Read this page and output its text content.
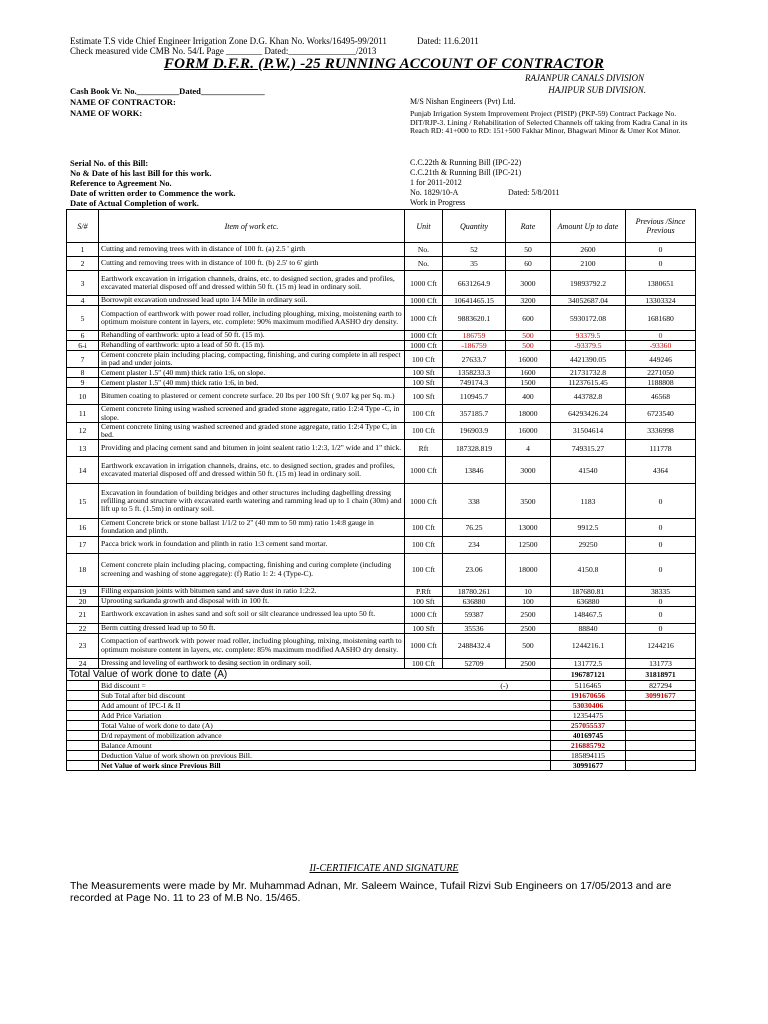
Estimate T.S vide Chief Engineer Irrigation Zone D.G. Khan No. Works/16495-99/2011	Dated: 11.6.2011
Check measured vide CMB No. 54/L Page ________ Dated:_______________/2013
FORM D.F.R. (P.W.) -25 RUNNING ACCOUNT OF CONTRACTOR
RAJANPUR CANALS DIVISION
HAJIPUR SUB DIVISION.
Cash Book Vr. No.__________Dated_______________
NAME OF CONTRACTOR:	M/S Nishan Engineers (Pvt) Ltd.
NAME OF WORK:	Punjab Irrigation System Improvement Project (PISIP) (PKP-59) Contract Package No. DIT/RJP-3. Lining / Rehabilitation of Selected Channels off taking from Kadra Canal in its Reach RD: 41+000 to RD: 151+500 Fakhar Minor, Bhagwari Minor & Umer Kot Minor.
Serial No. of this Bill:	C.C.22th & Running Bill (IPC-22)
No & Date of his last Bill for this work.	C.C.21th & Running Bill (IPC-21)
Reference to Agreement No.	1 for 2011-2012
Date of written order to Commence the work.	No. 1829/10-A	Dated: 5/8/2011
Date of Actual Completion of work.	Work in Progress
S/#	Item of work etc.	Unit	Quantity	Rate	Amount Up to date	Previous /Since Previous
1	Cutting and removing trees with in distance of 100 ft. (a) 2.5 ' girth	No.	52	50	2600	0
2	Cutting and removing trees with in distance of 100 ft. (b) 2.5' to 6' girth	No.	35	60	2100	0
3	Earthwork excavation in irrigation channels, drains, etc. to designed section, grades and profiles, excavated material disposed off and dressed within 50 ft. (15 m) lead in ordinary soil.	1000 Cft	6631264.9	3000	19893792.2	1380651
4	Borrowpit excavation undressed lead upto 1/4 Mile in ordinary soil.	1000 Cft	10641465.15	3200	34052687.04	13303324
5	Compaction of earthwork with power road roller, including ploughing, mixing, moistening earth to optimum moisture content in layers, etc. complete: 90% maximum modified AASHO dry density.	1000 Cft	9883620.1	600	5930172.08	1681680
6	Rehandling of earthwork: upto a lead of 50 ft. (15 m).	1000 Cft	186759	500	93379.5	0
6-i	Rehandling of earthwork: upto a lead of 50 ft. (15 m).	1000 Cft	-186759	500	-93379.5	-93360
7	Cement concrete plain including placing, compacting, finishing, and curing complete in all respect in pad and under joints.	100 Cft	27633.7	16000	4421390.05	449246
8	Cement plaster 1.5" (40 mm) thick ratio 1:6, on slope.	100 Sft	1358233.3	1600	21731732.8	2271050
9	Cement plaster 1.5" (40 mm) thick ratio 1:6, in bed.	100 Sft	749174.3	1500	11237615.45	1188808
10	Bitumen coating to plastered or cement concrete surface. 20 lbs per 100 Sft ( 9.07 kg per Sq. m.)	100 Sft	110945.7	400	443782.8	46568
11	Cement concrete lining using washed screened and graded stone aggregate, ratio 1:2:4 Type -C, in slope.	100 Cft	357185.7	18000	64293426.24	6723540
12	Cement concrete lining using washed screened and graded stone aggregate, ratio 1:2:4 Type C, in bed.	100 Cft	196903.9	16000	31504614	3336998
13	Providing and placing cement sand and bitumen in joint sealent ratio 1:2:3, 1/2" wide and 1" thick.	Rft	187328.819	4	749315.27	111778
14	Earthwork excavation in irrigation channels, drains, etc. to designed section, grades and profiles, excavated material disposed off and dressed within 50 ft. (15 m) lead in ordinary soil.	1000 Cft	13846	3000	41540	4364
15	Excavation in foundation of building bridges and other structures including dagbelling dressing refilling around structure with excavated earth watering and ramming lead up to 1 chain (30m) and lift up to 5 ft. (1.5m) in ordinary soil.	1000 Cft	338	3500	1183	0
16	Cement Concrete brick or stone ballast 1/1/2 to 2" (40 mm to 50 mm) ratio 1:4:8 gauge in foundation and plinth.	100 Cft	76.25	13000	9912.5	0
17	Pacca brick work in foundation and plinth in ratio 1:3 cement sand mortar.	100 Cft	234	12500	29250	0
18	Cement concrete plain including placing, compacting, finishing and curing complete (including screening and washing of stone aggregate): (f) Ratio 1: 2: 4 (Type-C).	100 Cft	23.06	18000	4150.8	0
19	Filling expansion joints with bitumen sand and save dust in ratio 1:2:2.	P.Rft	18780.261	10	187680.81	38335
20	Uprooting sarkanda growth and disposal with in 100 ft.	100 Sft	636880	100	636880	0
21	Earthwork excavation in ashes sand and soft soil or silt clearance undressed lea upto 50 ft.	1000 Cft	59387	2500	148467.5	0
22	Berm cutting dressed lead up to 50 ft.	100 Sft	35536	2500	88840	0
23	Compaction of earthwork with power road roller, including ploughing, mixing, moistening earth to optimum moisture content in layers, etc. complete: 85% maximum modified AASHO dry density.	1000 Cft	2488432.4	500	1244216.1	1244216
24	Dressing and leveling of earthwork to desing section in ordinary soil.	100 Cft	52709	2500	131772.5	131773
Total Value of work done to date (A)					196787121	31818971
	Bid discount = (-)				5116465	827294
	Sub Total after bid discount				191670656	30991677
	Add amount of IPC-I & II				53030406	
	Add Price Variation				12354475	
	Total Value of work done to date (A)				257055537	
	D/d repayment of mobilization advance				40169745	
	Balance Amount				216885792	
	Deduction Value of work shown on previous Bill.				185894115	
	Net Value of work since Previous Bill				30991677	
II-CERTIFICATE AND SIGNATURE
The Measurements were made by Mr. Muhammad Adnan, Mr. Saleem Waince, Tufail Rizvi Sub Engineers on 17/05/2013 and are recorded at Page No. 11 to 23 of M.B No. 15/465.
